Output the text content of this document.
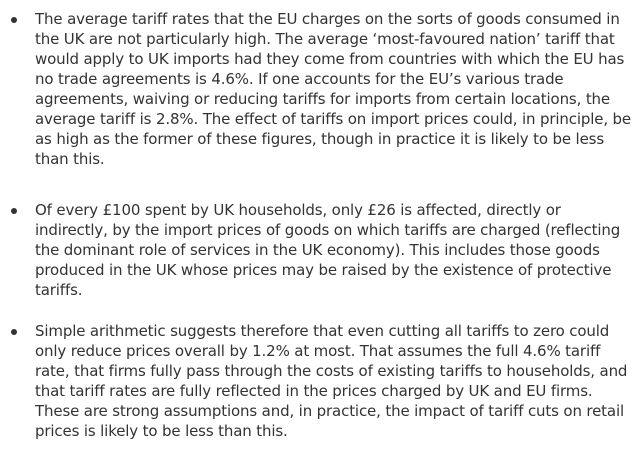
The average tariff rates that the EU charges on the sorts of goods consumed in the UK are not particularly high. The average ‘most-favoured nation’ tariff that would apply to UK imports had they come from countries with which the EU has no trade agreements is 4.6%. If one accounts for the EU’s various trade agreements, waiving or reducing tariffs for imports from certain locations, the average tariff is 2.8%. The effect of tariffs on import prices could, in principle, be as high as the former of these figures, though in practice it is likely to be less than this.
Of every £100 spent by UK households, only £26 is affected, directly or indirectly, by the import prices of goods on which tariffs are charged (reflecting the dominant role of services in the UK economy). This includes those goods produced in the UK whose prices may be raised by the existence of protective tariffs.
Simple arithmetic suggests therefore that even cutting all tariffs to zero could only reduce prices overall by 1.2% at most. That assumes the full 4.6% tariff rate, that firms fully pass through the costs of existing tariffs to households, and that tariff rates are fully reflected in the prices charged by UK and EU firms. These are strong assumptions and, in practice, the impact of tariff cuts on retail prices is likely to be less than this.
